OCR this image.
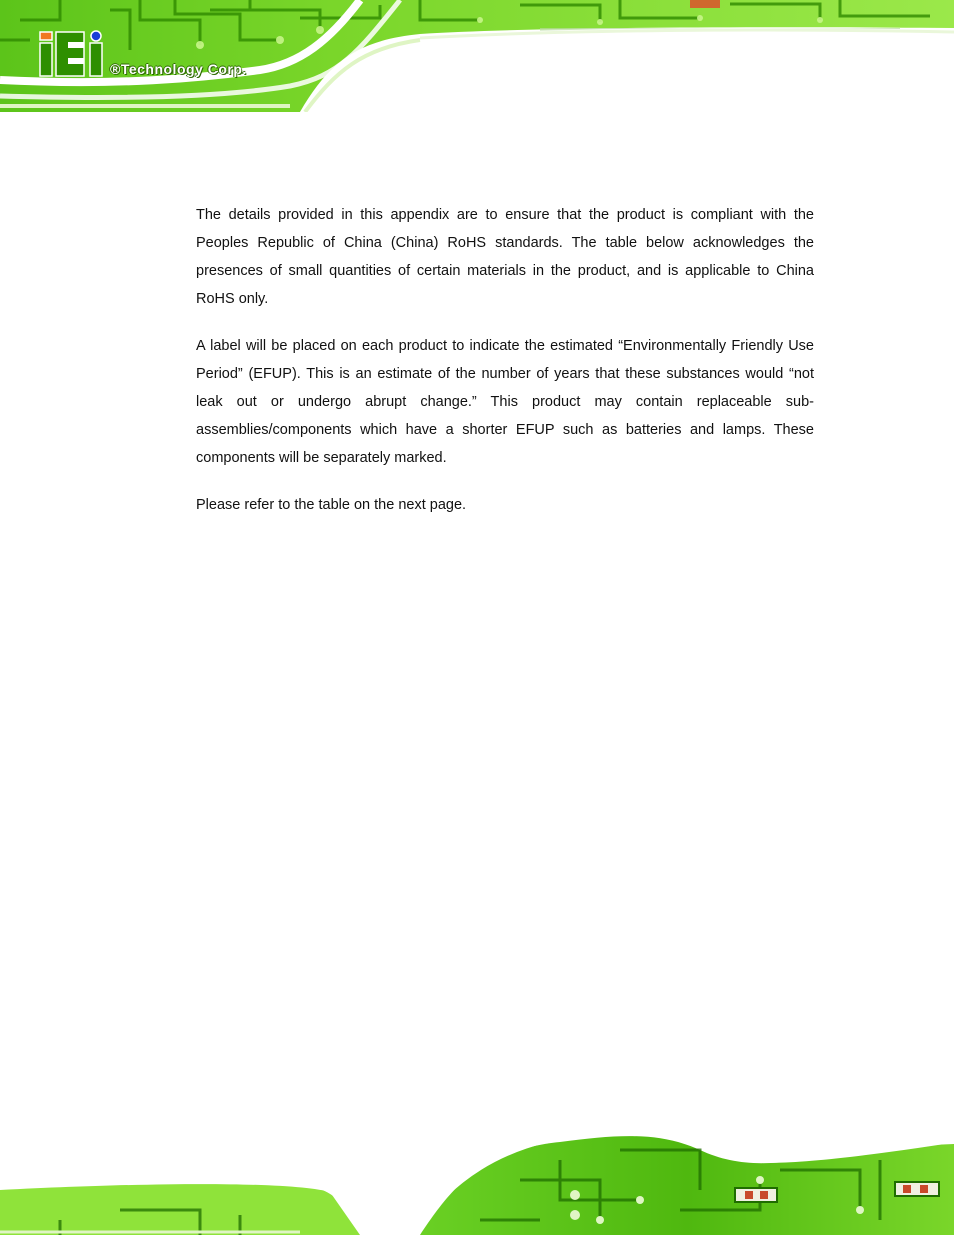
®Technology Corp.

The details provided in this appendix are to ensure that the product is compliant with the Peoples Republic of China (China) RoHS standards. The table below acknowledges the presences of small quantities of certain materials in the product, and is applicable to China RoHS only.

A label will be placed on each product to indicate the estimated “Environmentally Friendly Use Period” (EFUP). This is an estimate of the number of years that these substances would “not leak out or undergo abrupt change.” This product may contain replaceable sub-assemblies/components which have a shorter EFUP such as batteries and lamps. These components will be separately marked.

Please refer to the table on the next page.
